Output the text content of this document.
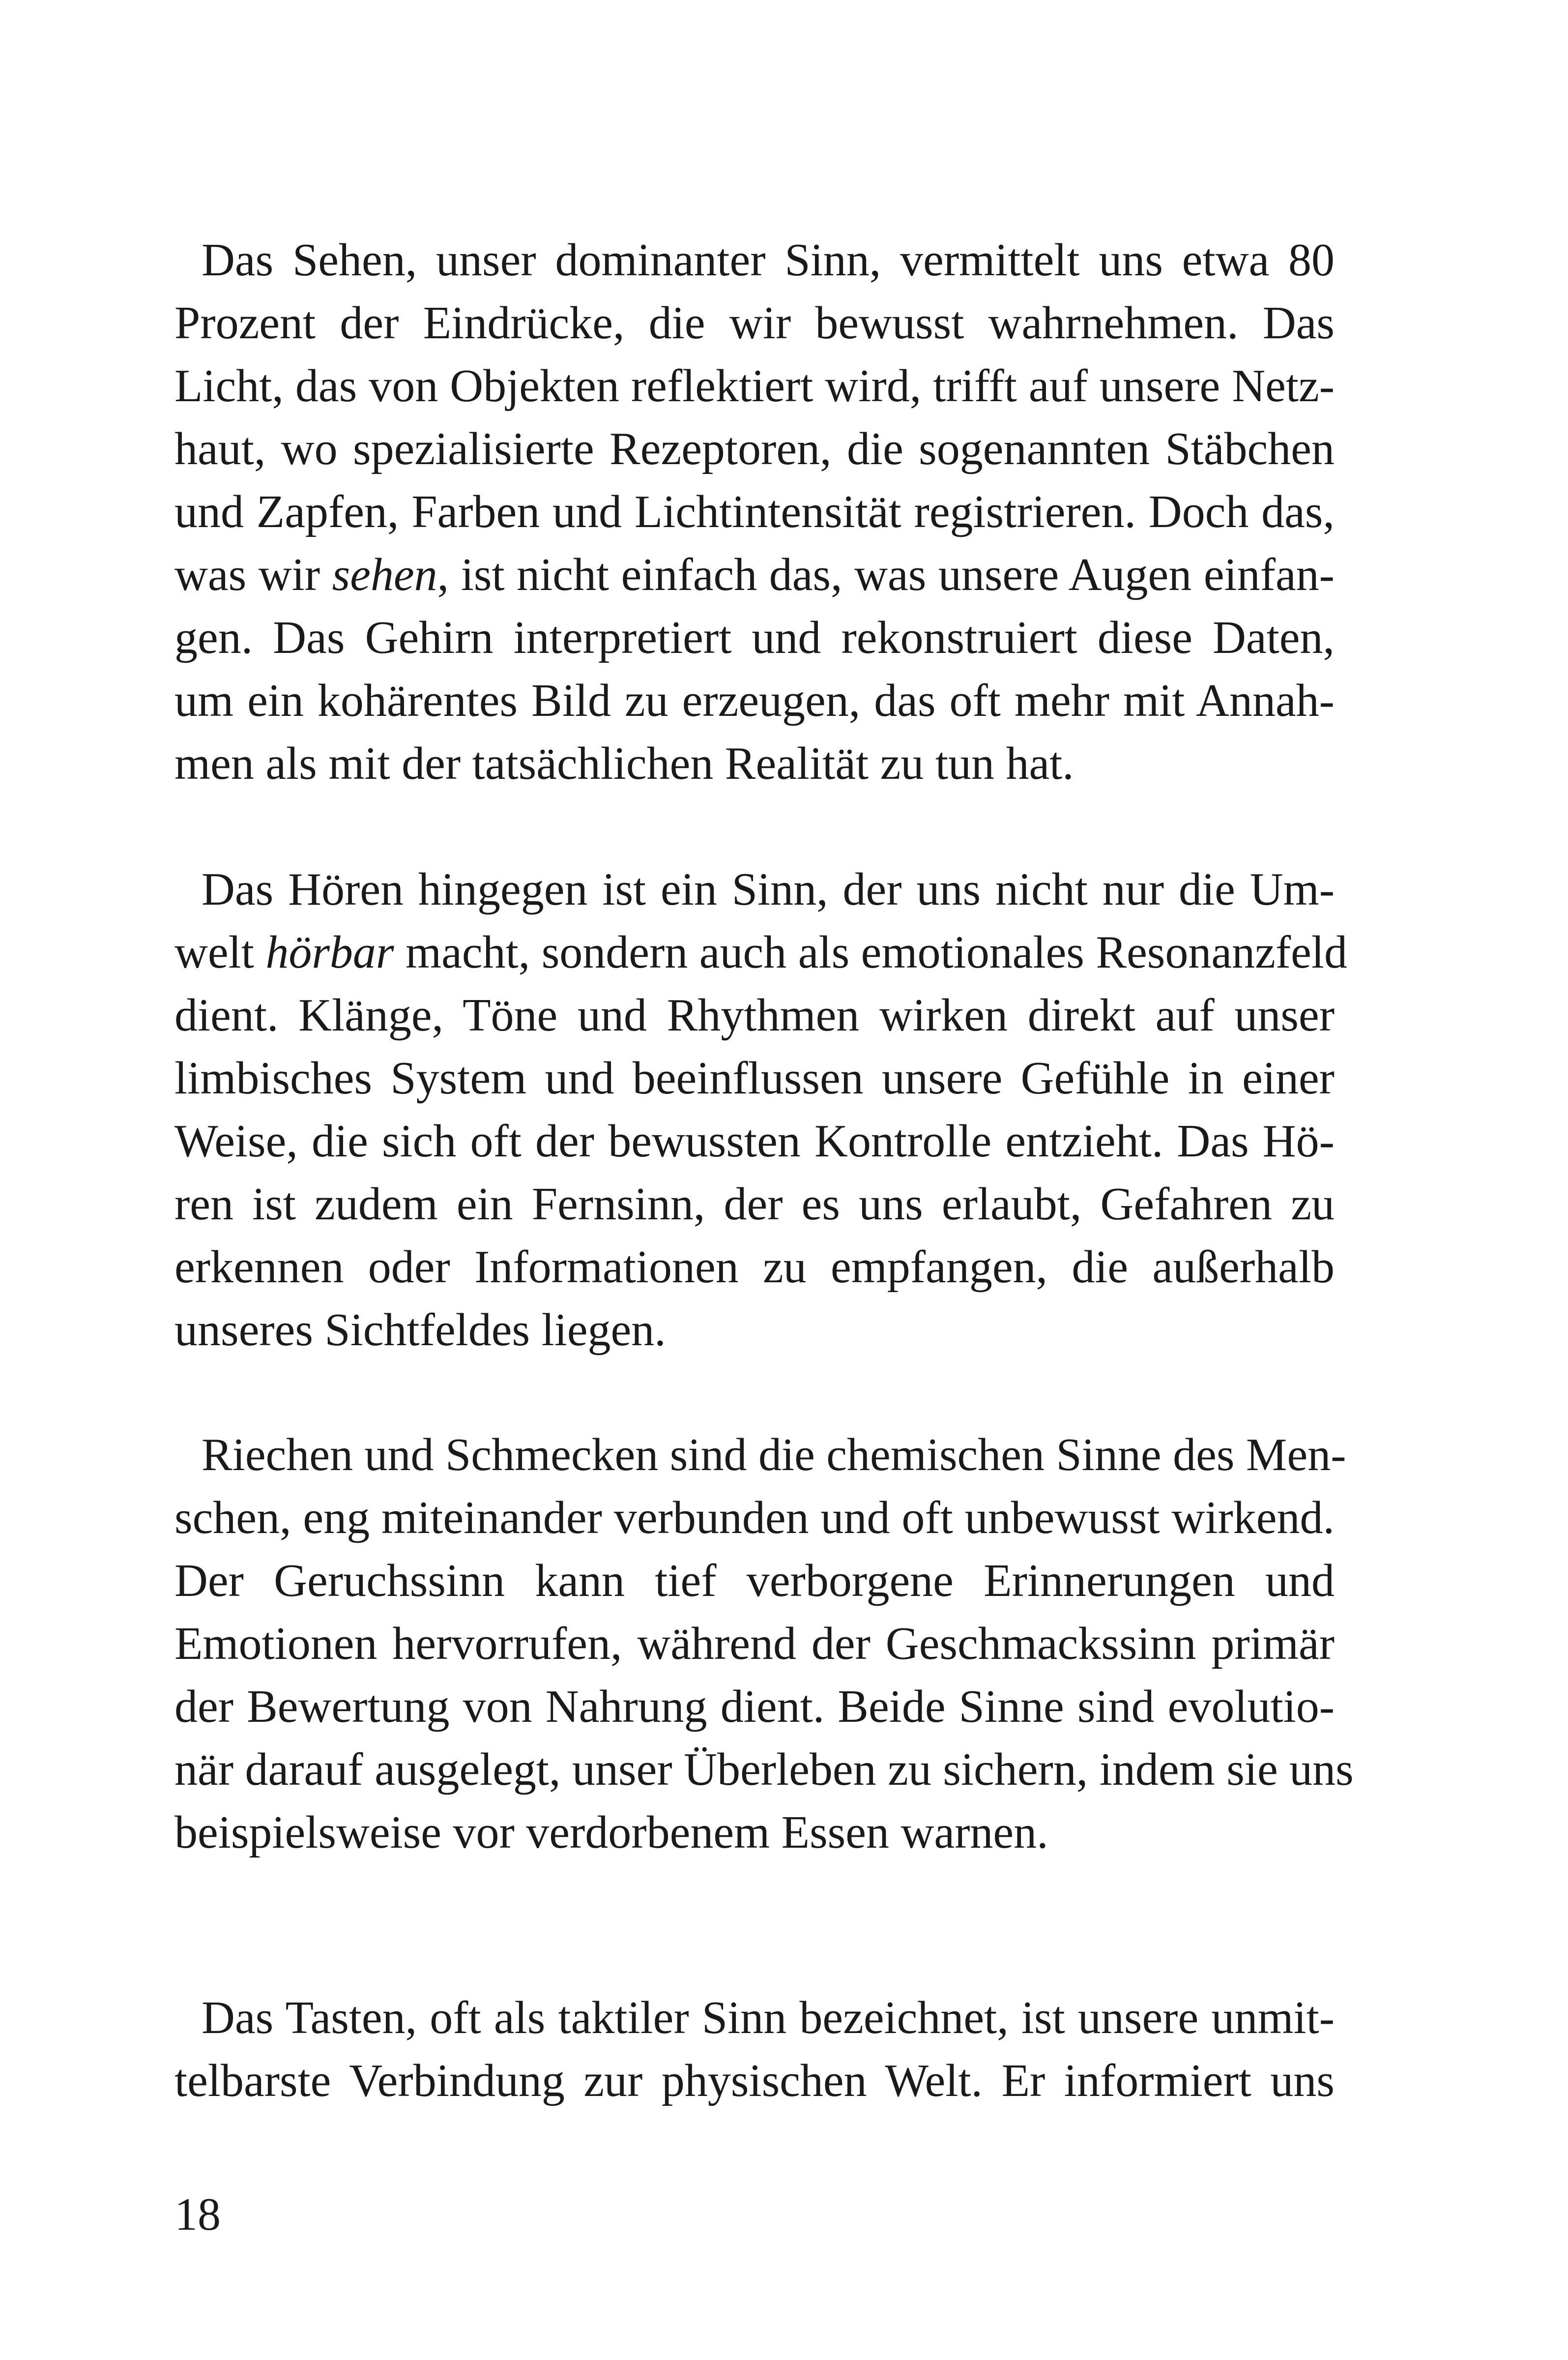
Das Sehen, unser dominanter Sinn, vermittelt uns etwa 80
Prozent der Eindrücke, die wir bewusst wahrnehmen. Das
Licht, das von Objekten reflektiert wird, trifft auf unsere Netz-
haut, wo spezialisierte Rezeptoren, die sogenannten Stäbchen
und Zapfen, Farben und Lichtintensität registrieren. Doch das,
was wir sehen, ist nicht einfach das, was unsere Augen einfan-
gen. Das Gehirn interpretiert und rekonstruiert diese Daten,
um ein kohärentes Bild zu erzeugen, das oft mehr mit Annah-
men als mit der tatsächlichen Realität zu tun hat.
Das Hören hingegen ist ein Sinn, der uns nicht nur die Um-
welt hörbar macht, sondern auch als emotionales Resonanzfeld
dient. Klänge, Töne und Rhythmen wirken direkt auf unser
limbisches System und beeinflussen unsere Gefühle in einer
Weise, die sich oft der bewussten Kontrolle entzieht. Das Hö-
ren ist zudem ein Fernsinn, der es uns erlaubt, Gefahren zu
erkennen oder Informationen zu empfangen, die außerhalb
unseres Sichtfeldes liegen.
Riechen und Schmecken sind die chemischen Sinne des Men-
schen, eng miteinander verbunden und oft unbewusst wirkend.
Der Geruchssinn kann tief verborgene Erinnerungen und
Emotionen hervorrufen, während der Geschmackssinn primär
der Bewertung von Nahrung dient. Beide Sinne sind evolutio-
när darauf ausgelegt, unser Überleben zu sichern, indem sie uns
beispielsweise vor verdorbenem Essen warnen.
Das Tasten, oft als taktiler Sinn bezeichnet, ist unsere unmit-
telbarste Verbindung zur physischen Welt. Er informiert uns
18
